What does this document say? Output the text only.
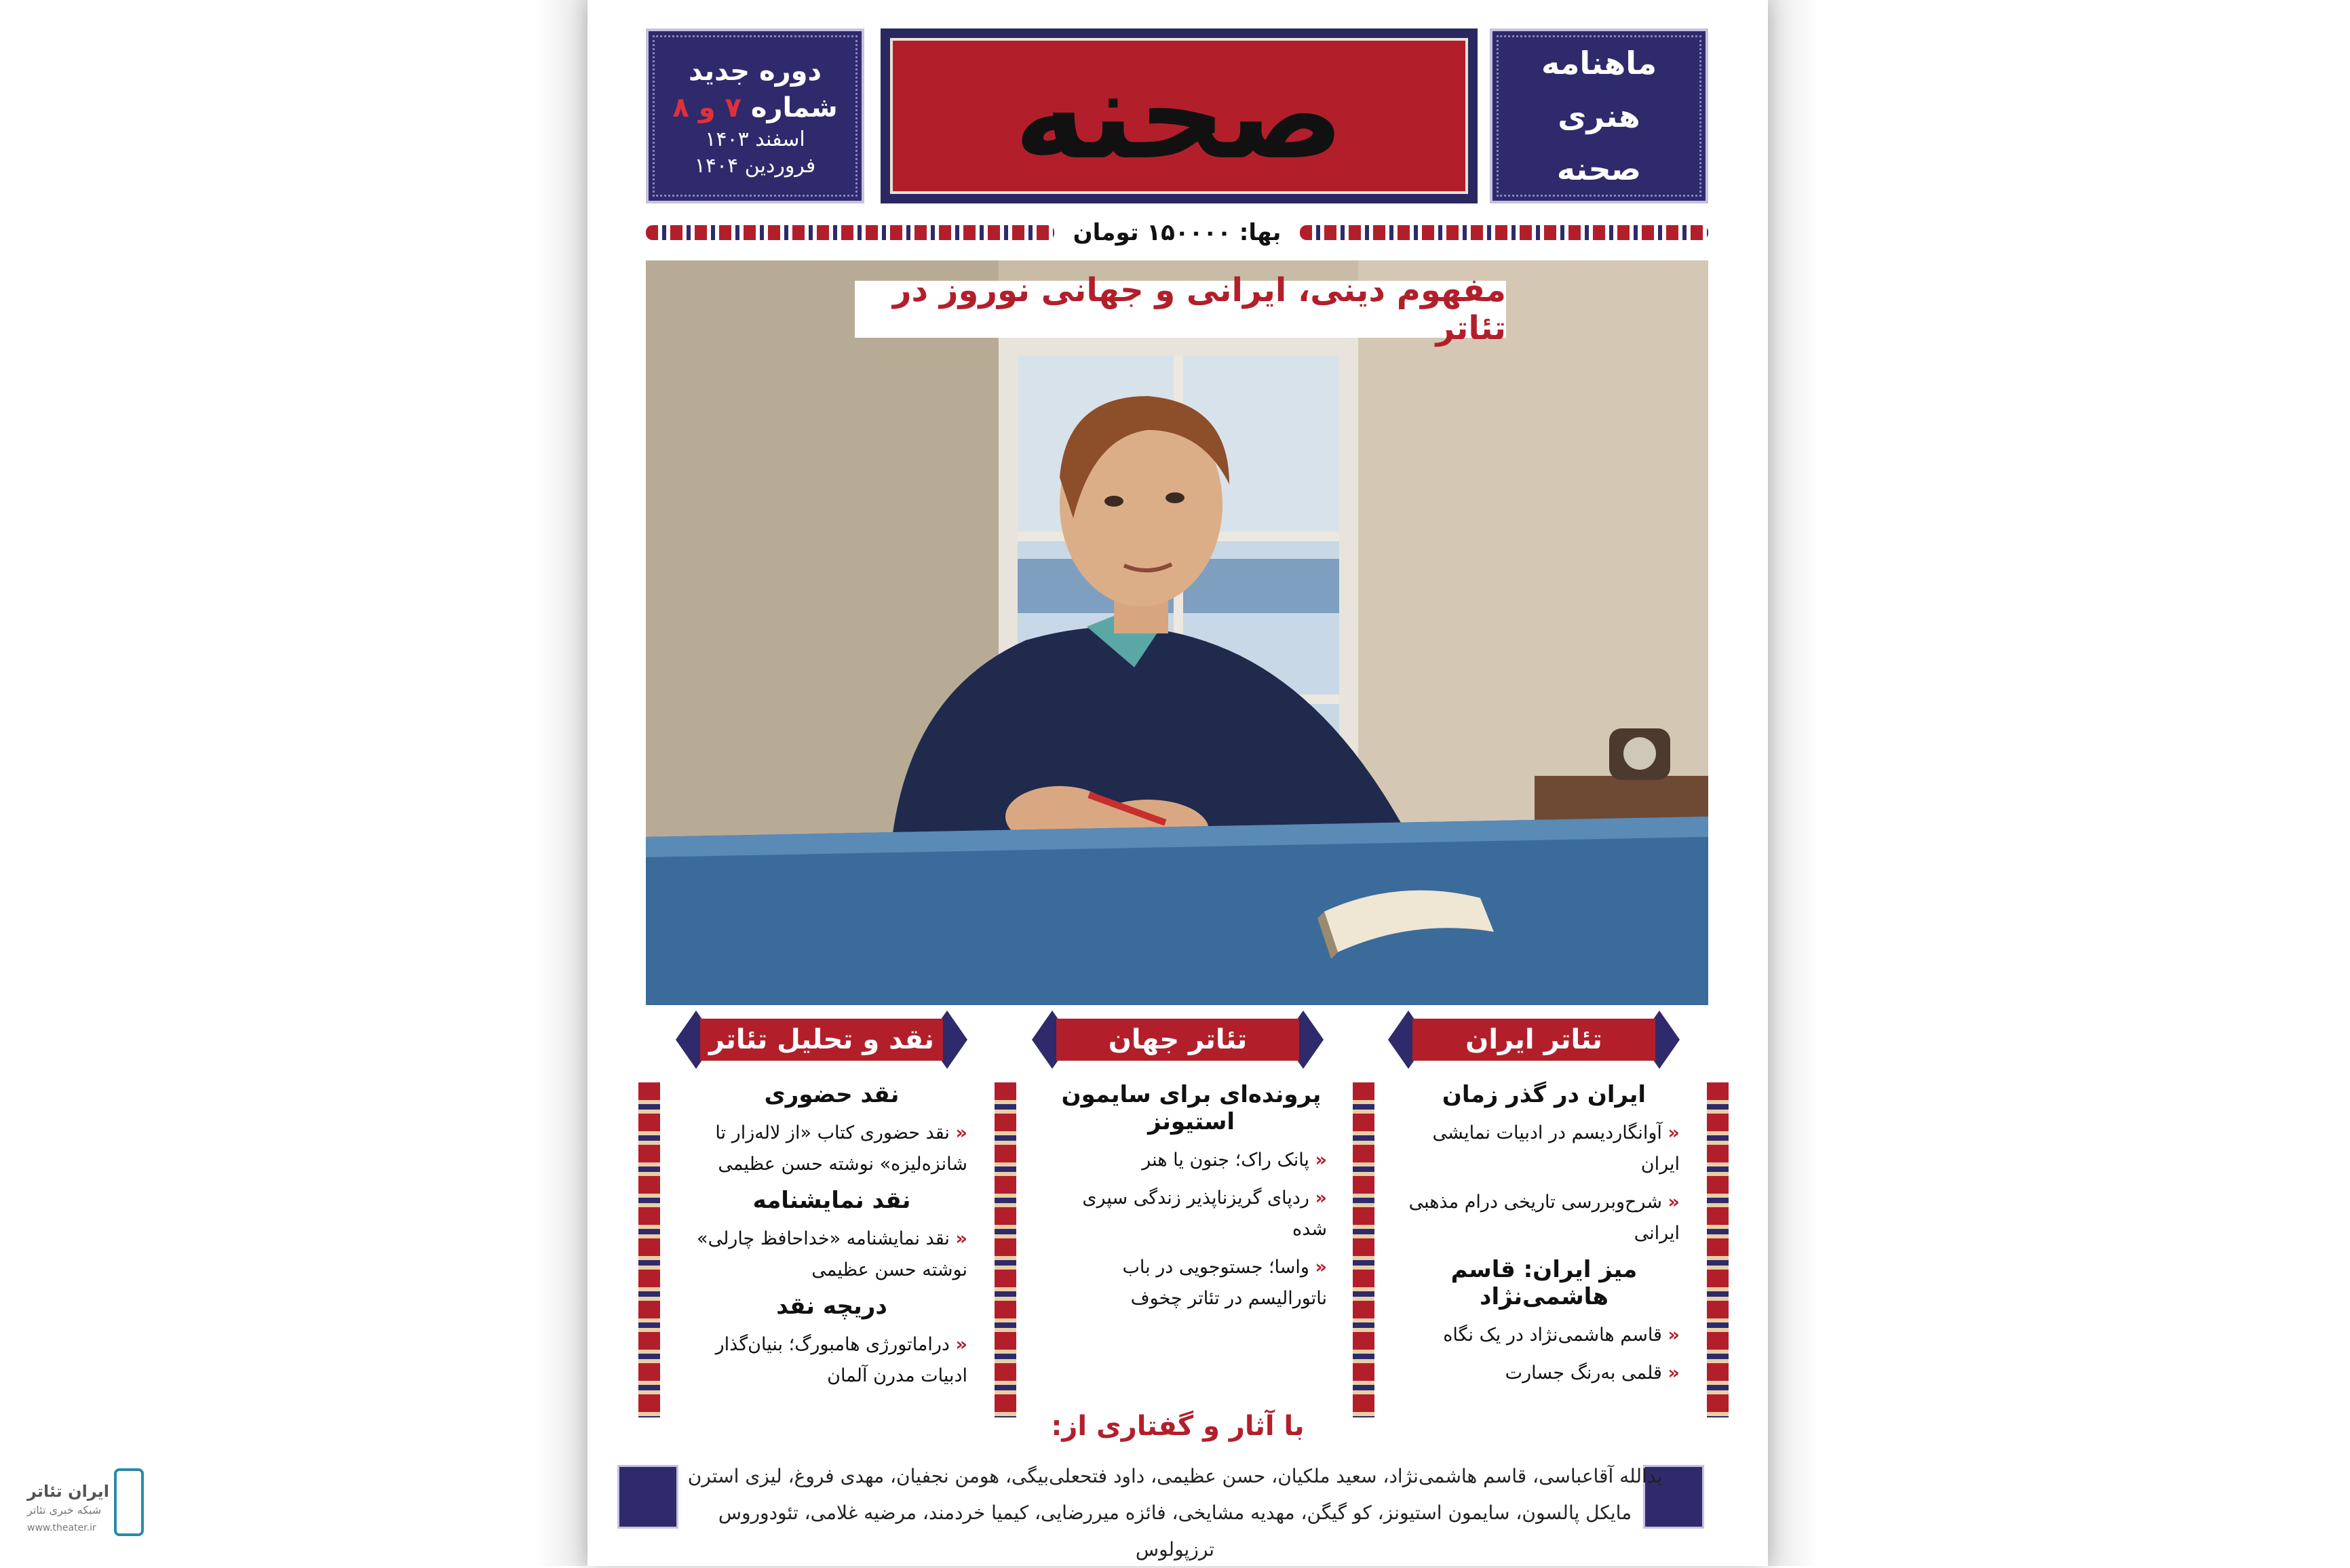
ماهنامه
هنری
صحنه
صحنه
دوره جدید
شماره ۷ و ۸
اسفند ۱۴۰۳
فروردین ۱۴۰۴
بها: ۱۵۰۰۰۰ تومان
مفهوم دینی، ایرانی و جهانی نوروز در تئاتر
تئاتر ایران
تئاتر جهان
نقد و تحلیل تئاتر
ایران در گذر زمان
« آوانگاردیسم در ادبیات نمایشی ایران
« شرح‌وبررسی تاریخی درام مذهبی ایرانی
میز ایران: قاسم هاشمی‌نژاد
« قاسم هاشمی‌نژاد در یک نگاه
« قلمی به‌رنگ جسارت
پرونده‌ای برای سایمون استیونز
« پانک راک؛ جنون یا هنر
« ردپای گریزناپذیر زندگی سپری شده
« واسا؛ جستوجویی در باب ناتورالیسم در تئاتر چخوف
نقد حضوری
« نقد حضوری کتاب «از لاله‌زار تا شانزه‌لیزه» نوشته حسن عظیمی
نقد نمایشنامه
« نقد نمایشنامه «خداحافظ چارلی» نوشته حسن عظیمی
دریچه نقد
« دراماتورژی هامبورگ؛ بنیان‌گذار ادبیات مدرن آلمان
با آثار و گفتاری از:
یدالله آقاعباسی، قاسم هاشمی‌نژاد، سعید ملکیان، حسن عظیمی، داود فتحعلی‌بیگی، هومن نجفیان، مهدی فروغ، لیزی استرن
مایکل پالسون، سایمون استیونز، کو گیگن، مهدیه مشایخی، فائزه میررضایی، کیمیا خردمند، مرضیه غلامی، تئودوروس ترزپولوس
ایران تئاتر
شبکه خبری تئاتر
www.theater.ir
